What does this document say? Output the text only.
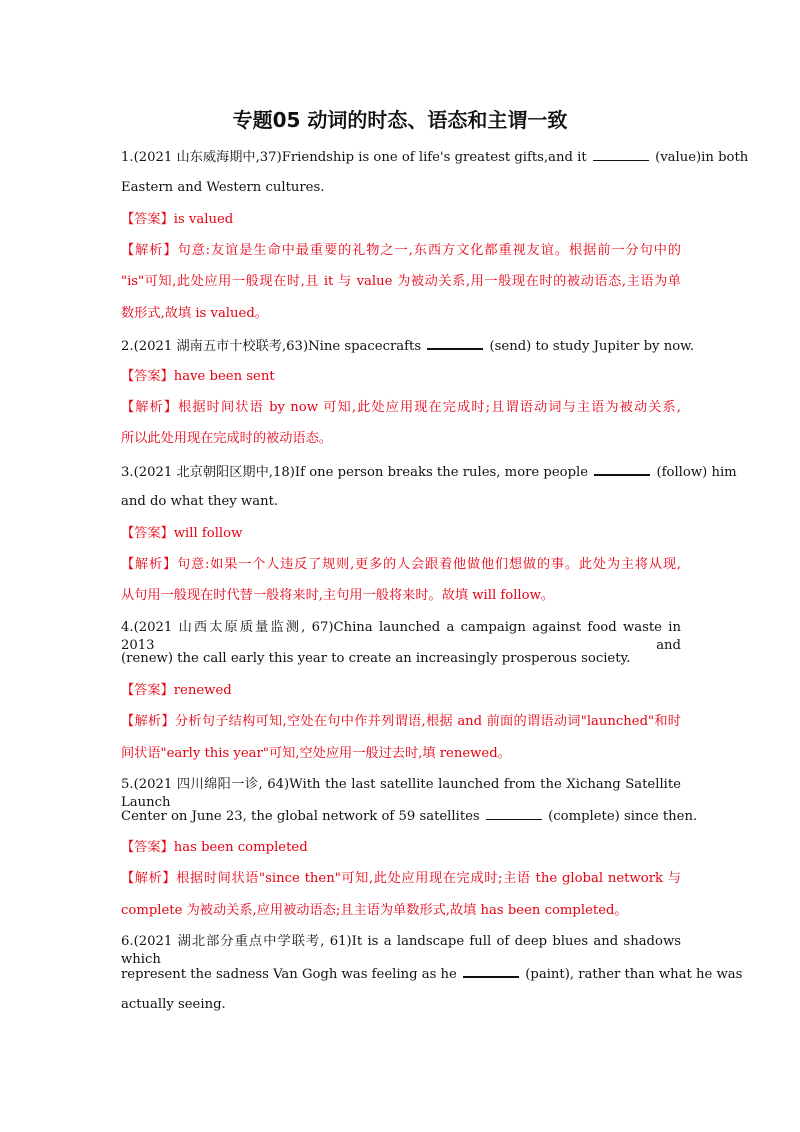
专题05 动词的时态、语态和主谓一致
1.(2021 山东威海期中,37)Friendship is one of life's greatest gifts,and it	(value)in both
Eastern and Western cultures.
【答案】is valued
【解析】句意:友谊是生命中最重要的礼物之一,东西方文化都重视友谊。根据前一分句中的
"is"可知,此处应用一般现在时,且 it 与 value 为被动关系,用一般现在时的被动语态,主语为单
数形式,故填 is valued。
2.(2021 湖南五市十校联考,63)Nine spacecrafts	(send) to study Jupiter by now.
【答案】have been sent
【解析】根据时间状语 by now 可知,此处应用现在完成时;且谓语动词与主语为被动关系,
所以此处用现在完成时的被动语态。
3.(2021 北京朝阳区期中,18)If one person breaks the rules, more people	(follow) him
and do what they want.
【答案】will follow
【解析】句意:如果一个人违反了规则,更多的人会跟着他做他们想做的事。此处为主将从现,
从句用一般现在时代替一般将来时,主句用一般将来时。故填 will follow。
4.(2021 山西太原质量监测, 67)China launched a campaign against food waste in 2013 and
(renew) the call early this year to create an increasingly prosperous society.
【答案】renewed
【解析】分析句子结构可知,空处在句中作并列谓语,根据 and 前面的谓语动词"launched"和时
间状语"early this year"可知,空处应用一般过去时,填 renewed。
5.(2021 四川绵阳一诊, 64)With the last satellite launched from the Xichang Satellite Launch
Center on June 23, the global network of 59 satellites	(complete) since then.
【答案】has been completed
【解析】根据时间状语"since then"可知,此处应用现在完成时;主语 the global network 与
complete 为被动关系,应用被动语态;且主语为单数形式,故填 has been completed。
6.(2021 湖北部分重点中学联考, 61)It is a landscape full of deep blues and shadows which
represent the sadness Van Gogh was feeling as he	(paint), rather than what he was
actually seeing.
